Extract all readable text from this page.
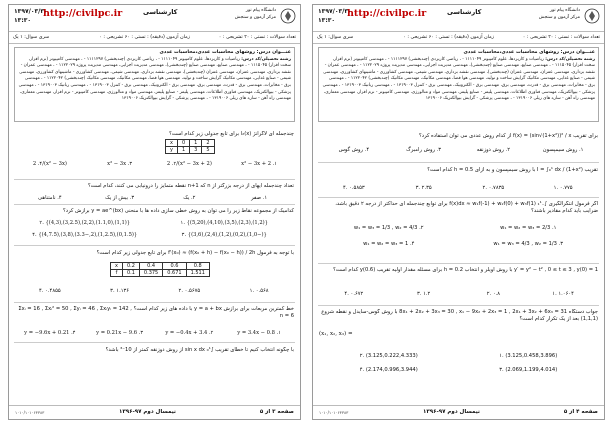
۱۳۹۷/۰۳/۳۰
۱۳:۳۰
http://civilpc.ir	کارشناسی	دانشگاه پیام نور
مرکز آزمون و سنجش
تعداد سوالات : تستی : ۲۰ تشریحی : ۰
زمان آزمون (دقیقه) : تستی : ۶۰ تشریحی : ۰
سری سوال: ۱ یک
عنـــوان درس: روشهای محاسبات عددی،محاسبات عددی
رشته تحصیلی/کد درس: ریاضیات و کاربردها، علوم کامپیوتر ۱۱۱۱۰۴۹ - ، ریاضی کاربردی (چندبخشی) ۱۱۱۱۲۹۷ - ، مهندسی کامپیوتر (نرم افزار، سخت افزار) ۱۱۱۵۰۴۵ - ، مهندسی صنایع، مهندسی صنایع (چندبخشی)، مهندسی مدیریت اجرایی، مهندسی مدیریت پروژه ۱۱۲۲۰۲۹ - ، مهندسی عمران - نقشه برداری، مهندسی عمران، مهندسی عمران (چندبخشی)، مهندسی نقشه برداری، مهندسی شیمی، مهندسی کشاورزی - ماشینهای کشاورزی، مهندسی شیمی - صنایع غذایی، مهندسی مکانیک گرایش ساخت و تولید، مهندسی هوا فضا، مهندسی مکانیک، مهندسی مکانیک (چندبخشی) ۱۱۲۲۰۴۲ - ، مهندسی برق - مخابرات، مهندسی برق - قدرت، مهندسی برق، مهندسی برق - الکترونیک، مهندسی برق - کنترل ۱۳۱۹۰۰۳ - ، مهندسی رباتیک ۱۳۱۹۰۰۳ - ، مهندسی پزشکی - بیوالکتریک، مهندسی فناوری اطلاعات، مهندسی پلیمر - صنایع پلیمر، مهندسی مواد و متالورژی، مهندسی کامپیوتر - نرم افزار، مهندسی معماری، مهندسی راه آهن - سازه های ریلی ۱۳۱۹۰۰۶ - ، مهندسی پزشکی - گرایش بیوالکتریک ۱۳۱۹۰۰۶
برای تقریب f(x) = (sin√(1+x²))² / x از کدام روش عددی می توان استفاده کرد؟
۱. روش سیمپسون
۲. روش ذوزنقه
۳. روش رامبرگ
۴. روش گوس
تقریب I = ∫₀¹ dx / (1+x²) با روش سیمپسون و به ازای h = 0.5 کدام است؟
۰.۷۷۵ .۱
۰.۷۸۳۵ .۲
۲.۳۵ .۳
۰.۵۸۵۳ .۴
اگر فرمول انتگرالگیری ∫₋₁¹ f(x)dx ≈ w₁f(-1) + w₂f(0) + w₃f(1) برای توابع چندجمله ای حداکثر از درجه ۲ دقیق باشد، ضرایب باید کدام مقادیر باشند؟
w₁ = w₂ = w₃ = 2/3 .۱
w₁ = w₃ = 1/3 , w₂ = 4/3 .۲
w₁ = w₃ = 4/3 , w₂ = 1/3 .۳
w₁ = w₂ = w₃ = 1 .۴
y′ = y² − t² , 0 ≤ t ≤ 3 , y(0) = 1 با روش اویلر و انتخاب h = 0.2 برای مسئله مقدار اولیه تقریب y(0.6) کدام است؟
۱.۰۶۰۴ .۱
۰.۸ .۲
۱.۲ .۳
۰.۶۷۲ .۴
جواب دستگاه 8x₁ + 2x₂ + 3x₃ = 30 , x₁ − 9x₂ + 2x₃ = 1 , 2x₁ + 3x₂ + 6x₃ = 31 با روش گوس-سایدل و نقطه شروع (1,1,1) بعد از یک تکرار کدام است؟
(x₁, x₂, x₃) =
(3.125,0.458,3.896) .۱
(3.125,0.222,4.333) .۲
(2.069,1.199,4.014) .۳
(2.174,0.996,3.944) .۴
صفحه ۴ از ۵
نیمسال دوم ۹۷-۱۳۹۶
۱۰۱۰/۱۰۱۰۶۳۳۸۳
۱۳۹۷/۰۳/۳۰
۱۳:۳۰
http://civilpc.ir	کارشناسی	دانشگاه پیام نور
مرکز آزمون و سنجش
تعداد سوالات : تستی : ۲۰ تشریحی : ۰
زمان آزمون (دقیقه) : تستی : ۶۰ تشریحی : ۰
سری سوال: ۱ یک
عنـــوان درس: روشهای محاسبات عددی،محاسبات عددی
رشته تحصیلی/کد درس: ریاضیات و کاربردها، علوم کامپیوتر ۱۱۱۱۰۴۹ - ، ریاضی کاربردی (چندبخشی) ۱۱۱۱۲۹۷ - ، مهندسی کامپیوتر (نرم افزار، سخت افزار) ۱۱۱۵۰۴۵ - ، مهندسی صنایع، مهندسی صنایع (چندبخشی)، مهندسی مدیریت اجرایی، مهندسی مدیریت پروژه ۱۱۲۲۰۲۹ - ، مهندسی عمران - نقشه برداری، مهندسی عمران، مهندسی عمران (چندبخشی)، مهندسی نقشه برداری، مهندسی شیمی، مهندسی کشاورزی - ماشینهای کشاورزی، مهندسی شیمی - صنایع غذایی، مهندسی مکانیک گرایش ساخت و تولید، مهندسی هوا فضا، مهندسی مکانیک، مهندسی مکانیک (چندبخشی) ۱۱۲۲۰۴۲ - ، مهندسی برق - مخابرات، مهندسی برق - قدرت، مهندسی برق، مهندسی برق - الکترونیک، مهندسی برق - کنترل ۱۳۱۹۰۰۳ - ، مهندسی رباتیک ۱۳۱۹۰۰۳ - ، مهندسی پزشکی - بیوالکتریک، مهندسی فناوری اطلاعات، مهندسی پلیمر - صنایع پلیمر، مهندسی مواد و متالورژی، مهندسی کامپیوتر - نرم افزار، مهندسی معماری، مهندسی راه آهن - سازه های ریلی ۱۳۱۹۰۰۶ - ، مهندسی پزشکی - گرایش بیوالکتریک ۱۳۱۹۰۰۶
چندجمله ای لاگرانژ l₂(x) برای تابع جدولی زیر کدام است؟
x	0	1	2
y	1	3	5
x² − 3x + 2 .۱
(x² − 3x + 2)/2 .۲
x² − 3x .۳
(x² − 3x)/2 .۴
تعداد چندجمله ایهای از درجه بزرگتر از n که n+1 نقطه متمایز را درونیابی می کنند، کدام است؟
۱. صفر
۲. یک
۳. بیش از یک
۴. نامتناهی
کدامیک از مجموعه نقاط زیر را می توان به روش خطی سازی داده ها با منحنی y = ae^(bx) برازش کرد؟
{(1,2),(2,3),(3,5),(4,10),(5,20)} .۱
{(1,1),(1.1,0),(2,2),(3,2.5),(4,3)} .۲
{(−1,0),(0,2),(1,2),(2,4),(3,6)} .۳
{(0,1.5),(1,2.5),(2,−3.3),(3,8),(4,7.5)} .۴
با توجه به فرمول f'(x₀) ≈ (f(x₀ + h) − f(x₀ − h)) / 2h برای تابع جدولی زیر کدام است؟
x	0.2	0.4	0.6	0.8
f	0.1	0.375	0.671	1.511
۰.۵۶۸ .۱
۰.۵۶۷۵ .۲
۱.۱۳۶ .۳
۰.۴۸۵۵ .۴
خط کمترین مربعات برای برازش y = a + bx با داده های زیر کدام است؟ Σxᵢ = 16 , Σxᵢ² = 50 , Σyᵢ = 46 , Σxᵢyᵢ = 142 , n = 6
y = 3.4x − 0.8 .۱
y = −0.4x + 3.4 .۲
y = 0.21x − 9.6 .۳
y = −9.6x + 0.21 .۴
با چگونه انتخاب کنیم تا خطای تقریب ∫₀¹ sin x dx از روش ذوزنقه کمتر از 10⁻³ باشد؟
صفحه ۳ از ۵
نیمسال دوم ۹۷-۱۳۹۶
۱۰۱۰/۱۰۱۰۶۳۳۸۳
